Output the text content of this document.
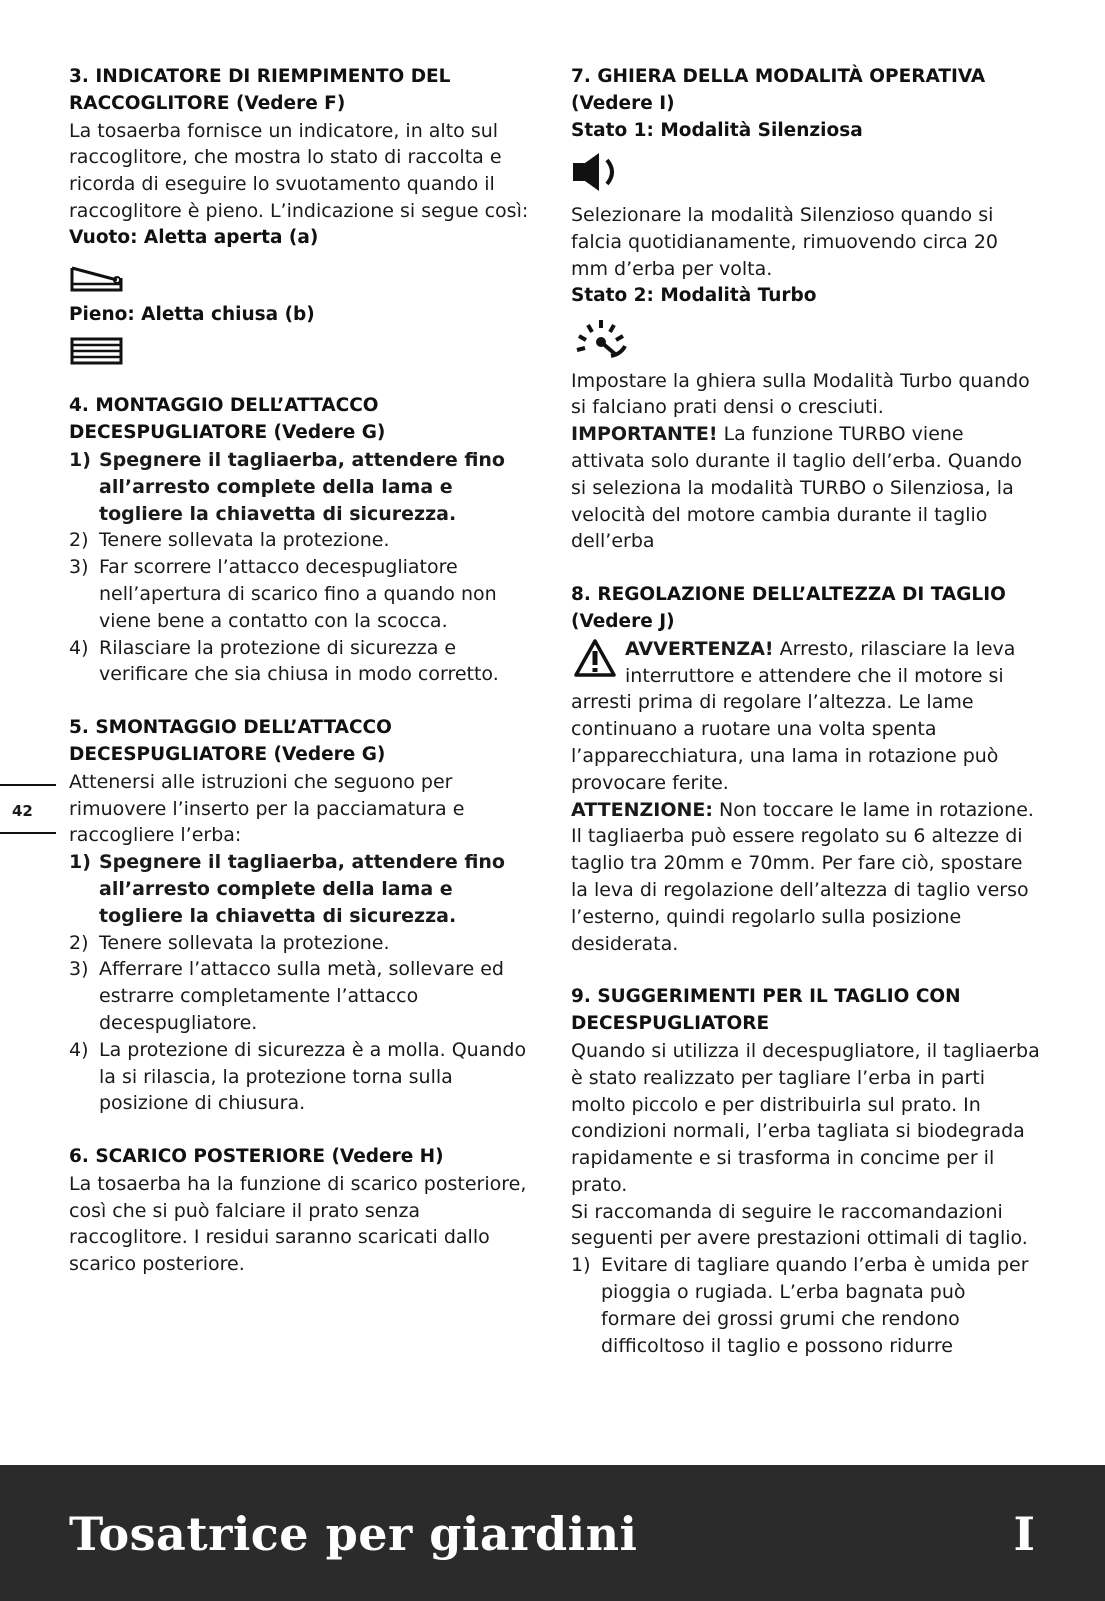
3. INDICATORE DI RIEMPIMENTO DEL RACCOGLITORE (Vedere F)

La tosaerba fornisce un indicatore, in alto sul raccoglitore, che mostra lo stato di raccolta e ricorda di eseguire lo svuotamento quando il raccoglitore è pieno. L’indicazione si segue così:

Vuoto: Aletta aperta (a)
Pieno: Aletta chiusa (b)
4. MONTAGGIO DELL’ATTACCO DECESPUGLIATORE (Vedere G)
1) Spegnere il tagliaerba, attendere fino all’arresto complete della lama e togliere la chiavetta di sicurezza.
2) Tenere sollevata la protezione.
3) Far scorrere l’attacco decespugliatore nell’apertura di scarico fino a quando non viene bene a contatto con la scocca.
4) Rilasciare la protezione di sicurezza e verificare che sia chiusa in modo corretto.
5. SMONTAGGIO DELL’ATTACCO DECESPUGLIATORE (Vedere G)

Attenersi alle istruzioni che seguono per rimuovere l’inserto per la pacciamatura e raccogliere l’erba:

1) Spegnere il tagliaerba, attendere fino all’arresto complete della lama e togliere la chiavetta di sicurezza.
2) Tenere sollevata la protezione.
3) Afferrare l’attacco sulla metà, sollevare ed estrarre completamente l’attacco decespugliatore.
4) La protezione di sicurezza è a molla. Quando la si rilascia, la protezione torna sulla posizione di chiusura.
6. SCARICO POSTERIORE (Vedere H)

La tosaerba ha la funzione di scarico posteriore, così che si può falciare il prato senza raccoglitore. I residui saranno scaricati dallo scarico posteriore.

7. GHIERA DELLA MODALITÀ OPERATIVA (Vedere I)
Stato 1: Modalità Silenziosa

Selezionare la modalità Silenzioso quando si falcia quotidianamente, rimuovendo circa 20 mm d’erba per volta.

Stato 2: Modalità Turbo

Impostare la ghiera sulla Modalità Turbo quando si falciano prati densi o cresciuti.

IMPORTANTE! La funzione TURBO viene attivata solo durante il taglio dell’erba. Quando si seleziona la modalità TURBO o Silenziosa, la velocità del motore cambia durante il taglio dell’erba

8. REGOLAZIONE DELL’ALTEZZA DI TAGLIO (Vedere J)

AVVERTENZA! Arresto, rilasciare la leva interruttore e attendere che il motore si arresti prima di regolare l’altezza. Le lame continuano a ruotare una volta spenta l’apparecchiatura, una lama in rotazione può provocare ferite.

ATTENZIONE: Non toccare le lame in rotazione.

Il tagliaerba può essere regolato su 6 altezze di taglio tra 20mm e 70mm. Per fare ciò, spostare la leva di regolazione dell’altezza di taglio verso l’esterno, quindi regolarlo sulla posizione desiderata.

9. SUGGERIMENTI PER IL TAGLIO CON DECESPUGLIATORE

Quando si utilizza il decespugliatore, il tagliaerba è stato realizzato per tagliare l’erba in parti molto piccolo e per distribuirla sul prato. In condizioni normali, l’erba tagliata si biodegrada rapidamente e si trasforma in concime per il prato.

Si raccomanda di seguire le raccomandazioni seguenti per avere prestazioni ottimali di taglio.

1) Evitare di tagliare quando l’erba è umida per pioggia o rugiada. L’erba bagnata può formare dei grossi grumi che rendono difficoltoso il taglio e possono ridurre
42
Tosatrice per giardini	I
